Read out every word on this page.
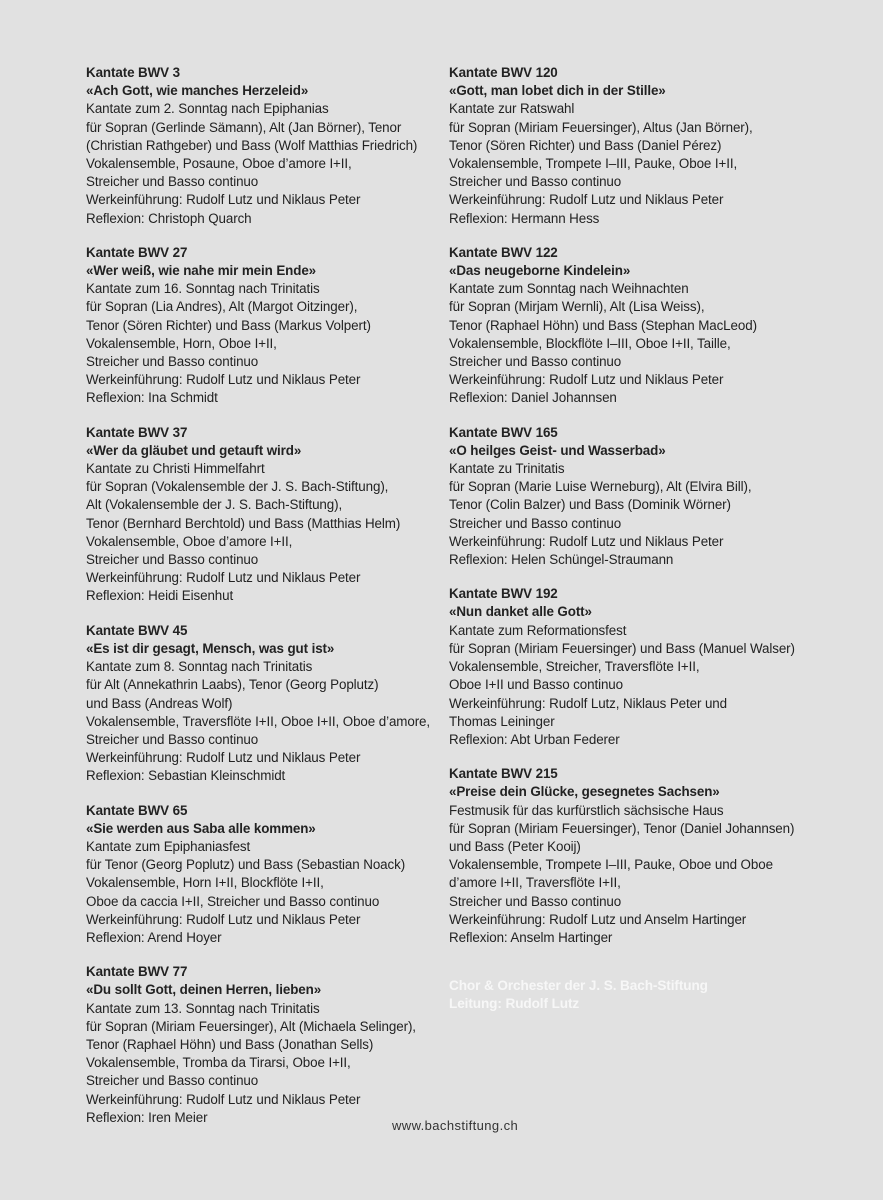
Kantate BWV 3
«Ach Gott, wie manches Herzeleid»
Kantate zum 2. Sonntag nach Epiphanias
für Sopran (Gerlinde Sämann), Alt (Jan Börner), Tenor
(Christian Rathgeber) und Bass (Wolf Matthias Friedrich)
Vokalensemble, Posaune, Oboe d’amore I+II,
Streicher und Basso continuo
Werkeinführung: Rudolf Lutz und Niklaus Peter
Reflexion: Christoph Quarch
Kantate BWV 27
«Wer weiß, wie nahe mir mein Ende»
Kantate zum 16. Sonntag nach Trinitatis
für Sopran (Lia Andres), Alt (Margot Oitzinger),
Tenor (Sören Richter) und Bass (Markus Volpert)
Vokalensemble, Horn, Oboe I+II,
Streicher und Basso continuo
Werkeinführung: Rudolf Lutz und Niklaus Peter
Reflexion: Ina Schmidt
Kantate BWV 37
«Wer da gläubet und getauft wird»
Kantate zu Christi Himmelfahrt
für Sopran (Vokalensemble der J. S. Bach-Stiftung),
Alt (Vokalensemble der J. S. Bach-Stiftung),
Tenor (Bernhard Berchtold) und Bass (Matthias Helm)
Vokalensemble, Oboe d’amore I+II,
Streicher und Basso continuo
Werkeinführung: Rudolf Lutz und Niklaus Peter
Reflexion: Heidi Eisenhut
Kantate BWV 45
«Es ist dir gesagt, Mensch, was gut ist»
Kantate zum 8. Sonntag nach Trinitatis
für Alt (Annekathrin Laabs), Tenor (Georg Poplutz)
und Bass (Andreas Wolf)
Vokalensemble, Traversflöte I+II, Oboe I+II, Oboe d’amore,
Streicher und Basso continuo
Werkeinführung: Rudolf Lutz und Niklaus Peter
Reflexion: Sebastian Kleinschmidt
Kantate BWV 65
«Sie werden aus Saba alle kommen»
Kantate zum Epiphaniasfest
für Tenor (Georg Poplutz) und Bass (Sebastian Noack)
Vokalensemble, Horn I+II, Blockflöte I+II,
Oboe da caccia I+II, Streicher und Basso continuo
Werkeinführung: Rudolf Lutz und Niklaus Peter
Reflexion: Arend Hoyer
Kantate BWV 77
«Du sollt Gott, deinen Herren, lieben»
Kantate zum 13. Sonntag nach Trinitatis
für Sopran (Miriam Feuersinger), Alt (Michaela Selinger),
Tenor (Raphael Höhn) und Bass (Jonathan Sells)
Vokalensemble, Tromba da Tirarsi, Oboe I+II,
Streicher und Basso continuo
Werkeinführung: Rudolf Lutz und Niklaus Peter
Reflexion: Iren Meier
Kantate BWV 120
«Gott, man lobet dich in der Stille»
Kantate zur Ratswahl
für Sopran (Miriam Feuersinger), Altus (Jan Börner),
Tenor (Sören Richter) und Bass (Daniel Pérez)
Vokalensemble, Trompete I–III, Pauke, Oboe I+II,
Streicher und Basso continuo
Werkeinführung: Rudolf Lutz und Niklaus Peter
Reflexion: Hermann Hess
Kantate BWV 122
«Das neugeborne Kindelein»
Kantate zum Sonntag nach Weihnachten
für Sopran (Mirjam Wernli), Alt (Lisa Weiss),
Tenor (Raphael Höhn) und Bass (Stephan MacLeod)
Vokalensemble, Blockflöte I–III, Oboe I+II, Taille,
Streicher und Basso continuo
Werkeinführung: Rudolf Lutz und Niklaus Peter
Reflexion: Daniel Johannsen
Kantate BWV 165
«O heilges Geist- und Wasserbad»
Kantate zu Trinitatis
für Sopran (Marie Luise Werneburg), Alt (Elvira Bill),
Tenor (Colin Balzer) und Bass (Dominik Wörner)
Streicher und Basso continuo
Werkeinführung: Rudolf Lutz und Niklaus Peter
Reflexion: Helen Schüngel-Straumann
Kantate BWV 192
«Nun danket alle Gott»
Kantate zum Reformationsfest
für Sopran (Miriam Feuersinger) und Bass (Manuel Walser)
Vokalensemble, Streicher, Traversflöte I+II,
Oboe I+II und Basso continuo
Werkeinführung: Rudolf Lutz, Niklaus Peter und
Thomas Leininger
Reflexion: Abt Urban Federer
Kantate BWV 215
«Preise dein Glücke, gesegnetes Sachsen»
Festmusik für das kurfürstlich sächsische Haus
für Sopran (Miriam Feuersinger), Tenor (Daniel Johannsen)
und Bass (Peter Kooij)
Vokalensemble, Trompete I–III, Pauke, Oboe und Oboe
d’amore I+II, Traversflöte I+II,
Streicher und Basso continuo
Werkeinführung: Rudolf Lutz und Anselm Hartinger
Reflexion: Anselm Hartinger
Chor & Orchester der J. S. Bach-Stiftung
Leitung: Rudolf Lutz
www.bachstiftung.ch
